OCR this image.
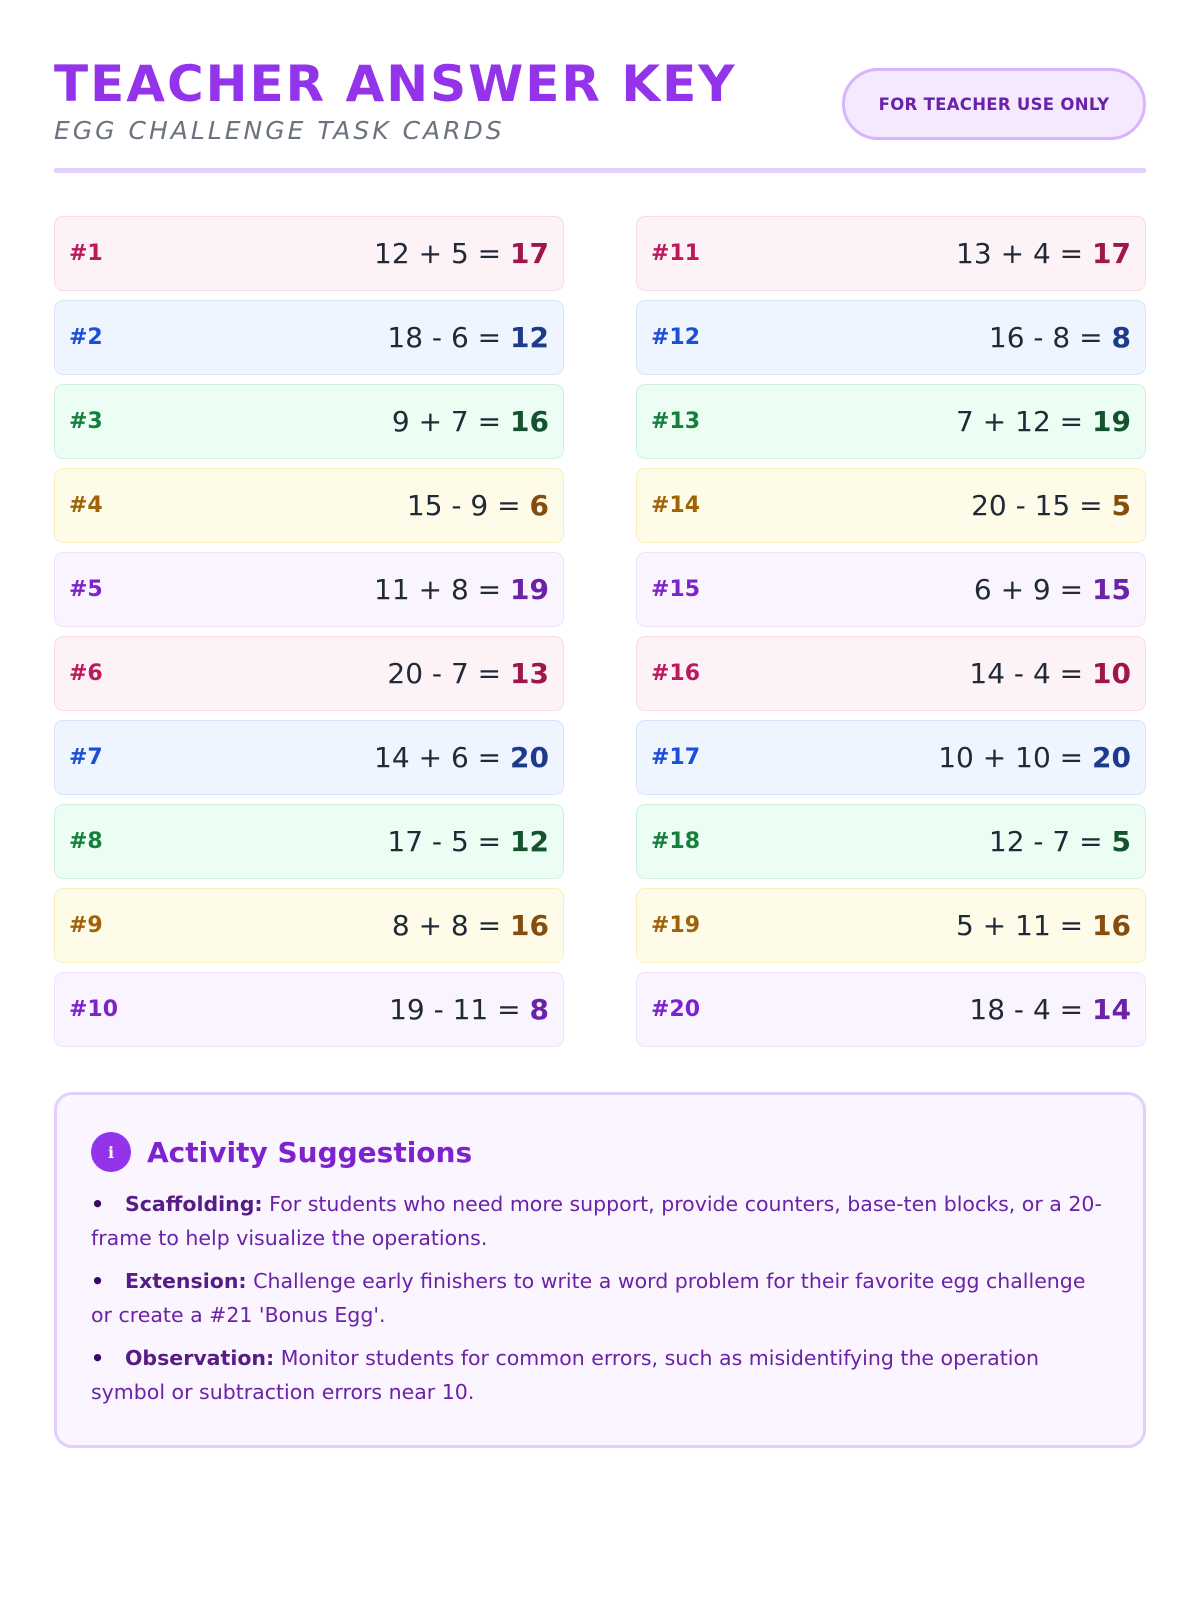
TEACHER ANSWER KEY
EGG CHALLENGE TASK CARDS
FOR TEACHER USE ONLY
#1	12 + 5 = 17
#2	18 - 6 = 12
#3	9 + 7 = 16
#4	15 - 9 = 6
#5	11 + 8 = 19
#6	20 - 7 = 13
#7	14 + 6 = 20
#8	17 - 5 = 12
#9	8 + 8 = 16
#10	19 - 11 = 8
#11	13 + 4 = 17
#12	16 - 8 = 8
#13	7 + 12 = 19
#14	20 - 15 = 5
#15	6 + 9 = 15
#16	14 - 4 = 10
#17	10 + 10 = 20
#18	12 - 7 = 5
#19	5 + 11 = 16
#20	18 - 4 = 14
i	Activity Suggestions
• Scaffolding: For students who need more support, provide counters, base-ten blocks, or a 20-frame to help visualize the operations.
• Extension: Challenge early finishers to write a word problem for their favorite egg challenge or create a #21 'Bonus Egg'.
• Observation: Monitor students for common errors, such as misidentifying the operation symbol or subtraction errors near 10.
